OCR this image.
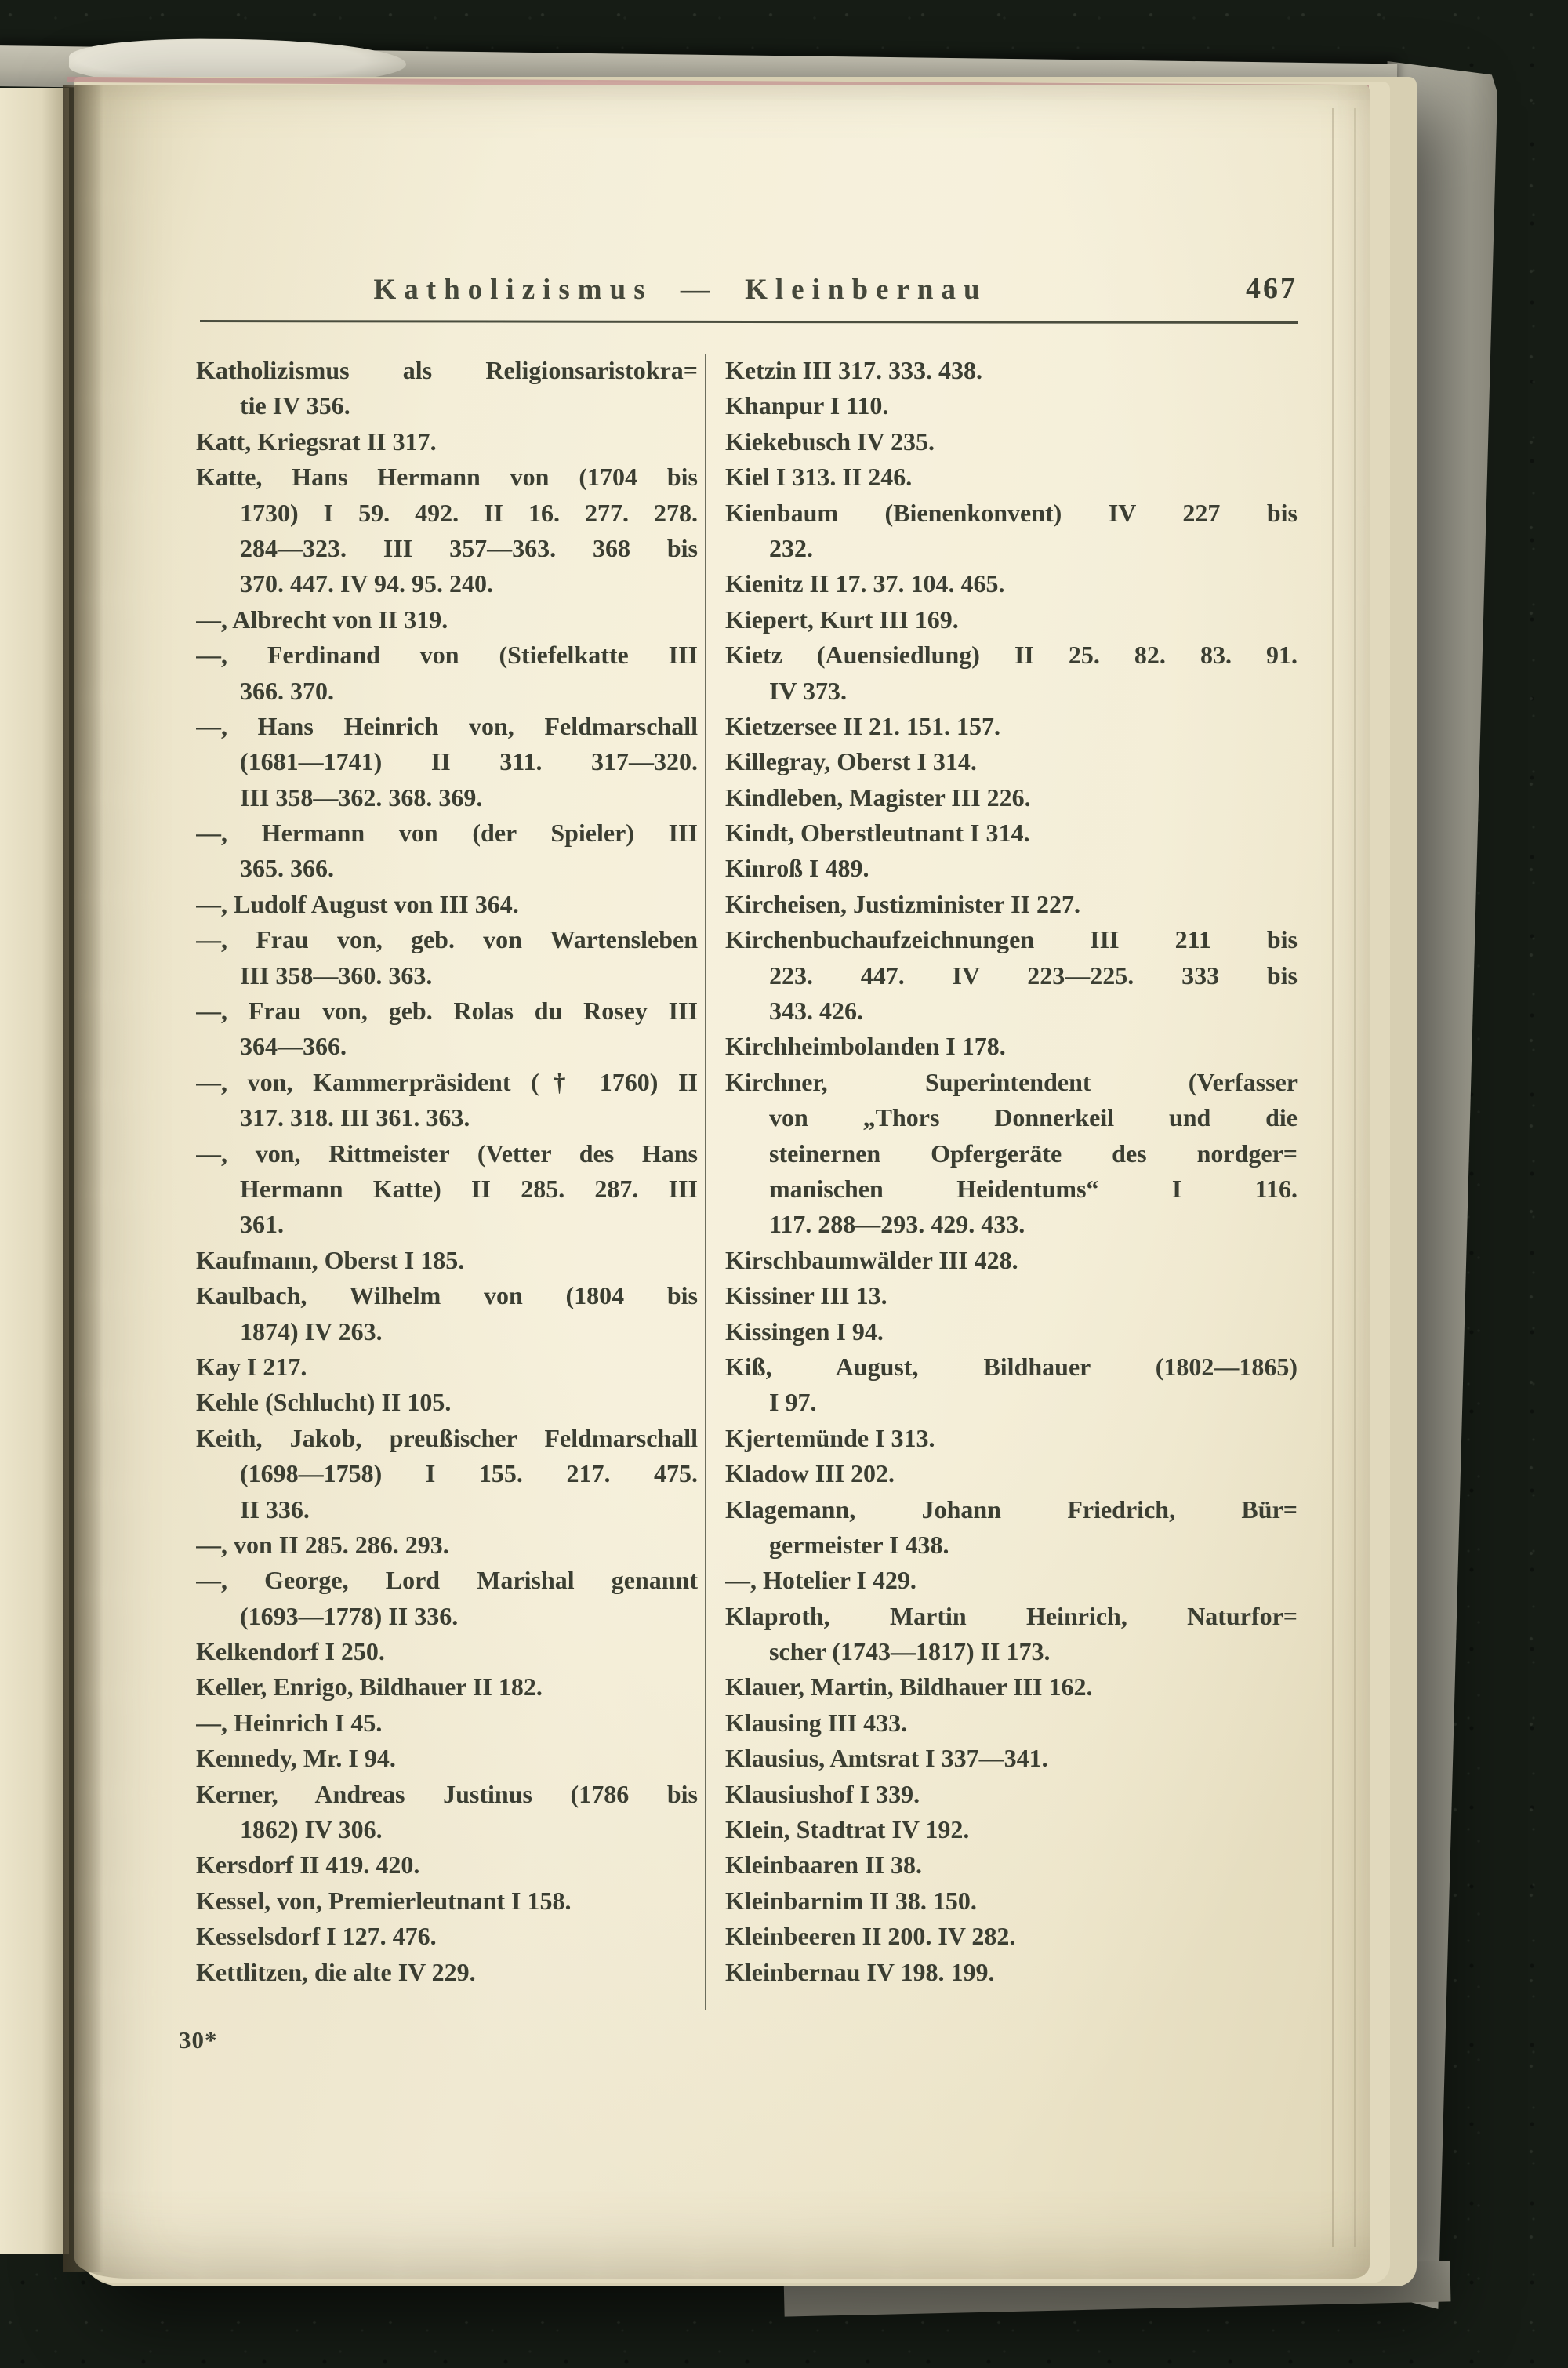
Katholizismus — Kleinbernau	467
Katholizismus als Religionsaristokra=
tie IV 356.
Katt, Kriegsrat II 317.
Katte, Hans Hermann von (1704 bis
1730) I 59. 492. II 16. 277. 278.
284—323. III 357—363. 368 bis
370. 447. IV 94. 95. 240.
—, Albrecht von II 319.
—, Ferdinand von (Stiefelkatte III
366. 370.
—, Hans Heinrich von, Feldmarschall
(1681—1741) II 311. 317—320.
III 358—362. 368. 369.
—, Hermann von (der Spieler) III
365. 366.
—, Ludolf August von III 364.
—, Frau von, geb. von Wartensleben
III 358—360. 363.
—, Frau von, geb. Rolas du Rosey III
364—366.
—, von, Kammerpräsident († 1760) II
317. 318. III 361. 363.
—, von, Rittmeister (Vetter des Hans
Hermann Katte) II 285. 287. III
361.
Kaufmann, Oberst I 185.
Kaulbach, Wilhelm von (1804 bis
1874) IV 263.
Kay I 217.
Kehle (Schlucht) II 105.
Keith, Jakob, preußischer Feldmarschall
(1698—1758) I 155. 217. 475.
II 336.
—, von II 285. 286. 293.
—, George, Lord Marishal genannt
(1693—1778) II 336.
Kelkendorf I 250.
Keller, Enrigo, Bildhauer II 182.
—, Heinrich I 45.
Kennedy, Mr. I 94.
Kerner, Andreas Justinus (1786 bis
1862) IV 306.
Kersdorf II 419. 420.
Kessel, von, Premierleutnant I 158.
Kesselsdorf I 127. 476.
Kettlitzen, die alte IV 229.
Ketzin III 317. 333. 438.
Khanpur I 110.
Kiekebusch IV 235.
Kiel I 313. II 246.
Kienbaum (Bienenkonvent) IV 227 bis
232.
Kienitz II 17. 37. 104. 465.
Kiepert, Kurt III 169.
Kietz (Auensiedlung) II 25. 82. 83. 91.
IV 373.
Kietzersee II 21. 151. 157.
Killegray, Oberst I 314.
Kindleben, Magister III 226.
Kindt, Oberstleutnant I 314.
Kinroß I 489.
Kircheisen, Justizminister II 227.
Kirchenbuchaufzeichnungen III 211 bis
223. 447. IV 223—225. 333 bis
343. 426.
Kirchheimbolanden I 178.
Kirchner, Superintendent (Verfasser
von „Thors Donnerkeil und die
steinernen Opfergeräte des nordger=
manischen Heidentums“ I 116.
117. 288—293. 429. 433.
Kirschbaumwälder III 428.
Kissiner III 13.
Kissingen I 94.
Kiß, August, Bildhauer (1802—1865)
I 97.
Kjertemünde I 313.
Kladow III 202.
Klagemann, Johann Friedrich, Bür=
germeister I 438.
—, Hotelier I 429.
Klaproth, Martin Heinrich, Naturfor=
scher (1743—1817) II 173.
Klauer, Martin, Bildhauer III 162.
Klausing III 433.
Klausius, Amtsrat I 337—341.
Klausiushof I 339.
Klein, Stadtrat IV 192.
Kleinbaaren II 38.
Kleinbarnim II 38. 150.
Kleinbeeren II 200. IV 282.
Kleinbernau IV 198. 199.
30*
